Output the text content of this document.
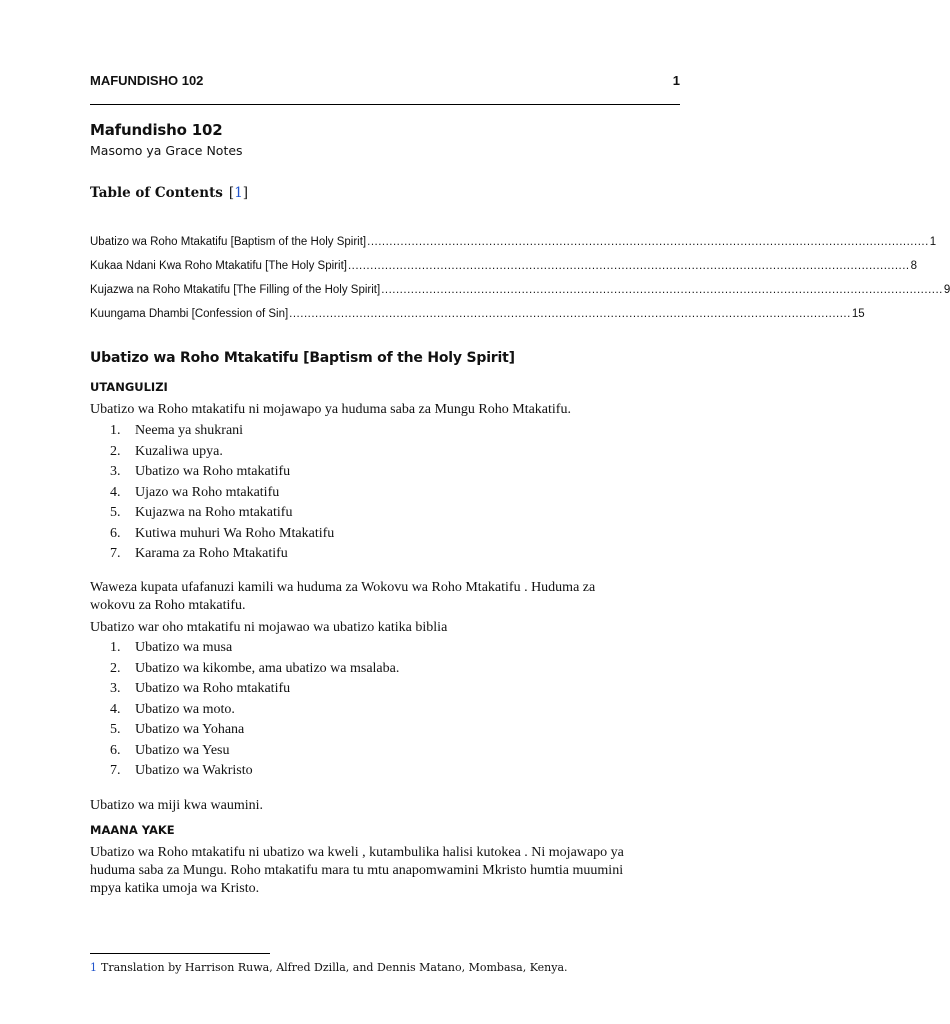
MAFUNDISHO 102	1
Mafundisho 102
Masomo ya Grace Notes
Table of Contents [1]
Ubatizo wa Roho Mtakatifu [Baptism of the Holy Spirit] ........................................................................................................................................................ 1
Kukaa Ndani Kwa Roho Mtakatifu [The Holy Spirit] ........................................................................................................................................................ 8
Kujazwa na Roho Mtakatifu [The Filling of the Holy Spirit] ........................................................................................................................................................ 9
Kuungama Dhambi [Confession of Sin] ........................................................................................................................................................ 15
Ubatizo wa Roho Mtakatifu [Baptism of the Holy Spirit]
UTANGULIZI
Ubatizo wa Roho mtakatifu ni mojawapo ya huduma saba za Mungu Roho Mtakatifu.
1.	Neema ya shukrani
2.	Kuzaliwa upya.
3.	Ubatizo wa Roho mtakatifu
4.	Ujazo wa Roho mtakatifu
5.	Kujazwa na Roho mtakatifu
6.	Kutiwa muhuri Wa Roho Mtakatifu
7.	Karama za Roho Mtakatifu
Waweza kupata ufafanuzi kamili wa huduma za Wokovu wa Roho Mtakatifu . Huduma za
wokovu za Roho mtakatifu.
Ubatizo war oho mtakatifu ni mojawao wa ubatizo katika biblia
1.	Ubatizo wa musa
2.	Ubatizo wa kikombe, ama ubatizo wa msalaba.
3.	Ubatizo wa Roho mtakatifu
4.	Ubatizo wa moto.
5.	Ubatizo wa Yohana
6.	Ubatizo wa Yesu
7.	Ubatizo wa Wakristo
Ubatizo wa miji kwa waumini.
MAANA YAKE
Ubatizo wa Roho mtakatifu ni ubatizo wa kweli , kutambulika halisi kutokea . Ni mojawapo ya
huduma saba za Mungu. Roho mtakatifu mara tu mtu anapomwamini Mkristo humtia muumini
mpya katika umoja wa Kristo.
1 Translation by Harrison Ruwa, Alfred Dzilla, and Dennis Matano, Mombasa, Kenya.
